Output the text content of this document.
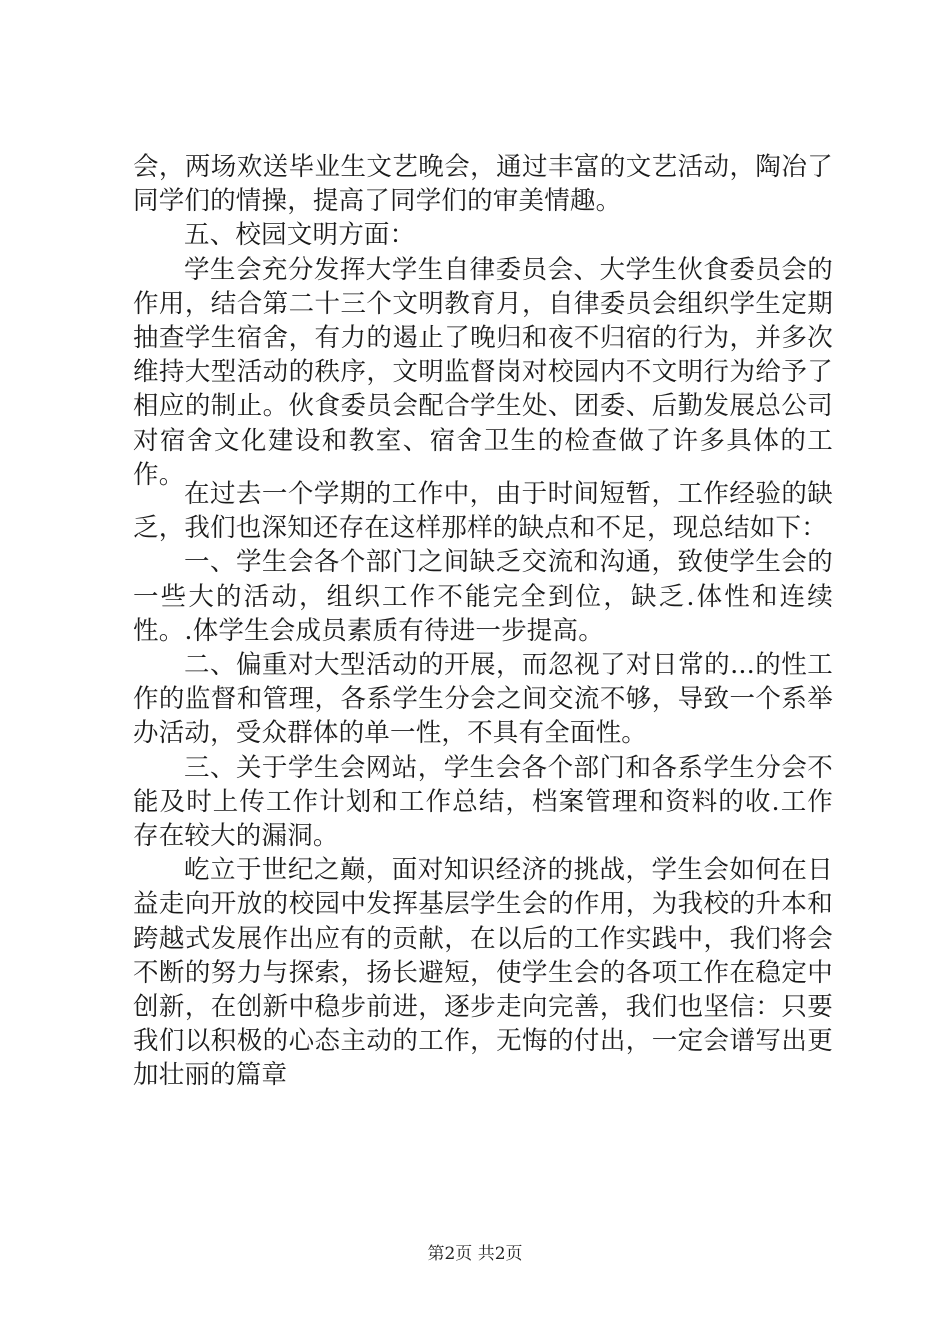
会，两场欢送毕业生文艺晚会，通过丰富的文艺活动，陶冶了同学们的情操，提高了同学们的审美情趣。

五、校园文明方面：

学生会充分发挥大学生自律委员会、大学生伙食委员会的作用，结合第二十三个文明教育月，自律委员会组织学生定期抽查学生宿舍，有力的遏止了晚归和夜不归宿的行为，并多次维持大型活动的秩序，文明监督岗对校园内不文明行为给予了相应的制止。伙食委员会配合学生处、团委、后勤发展总公司对宿舍文化建设和教室、宿舍卫生的检查做了许多具体的工作。

在过去一个学期的工作中，由于时间短暂，工作经验的缺乏，我们也深知还存在这样那样的缺点和不足，现总结如下：

一、学生会各个部门之间缺乏交流和沟通，致使学生会的一些大的活动，组织工作不能完全到位，缺乏.体性和连续性。.体学生会成员素质有待进一步提高。

二、偏重对大型活动的开展，而忽视了对日常的...的性工作的监督和管理，各系学生分会之间交流不够，导致一个系举办活动，受众群体的单一性，不具有全面性。

三、关于学生会网站，学生会各个部门和各系学生分会不能及时上传工作计划和工作总结，档案管理和资料的收.工作存在较大的漏洞。

屹立于世纪之巅，面对知识经济的挑战，学生会如何在日益走向开放的校园中发挥基层学生会的作用，为我校的升本和跨越式发展作出应有的贡献，在以后的工作实践中，我们将会不断的努力与探索，扬长避短，使学生会的各项工作在稳定中创新，在创新中稳步前进，逐步走向完善，我们也坚信：只要我们以积极的心态主动的工作，无悔的付出，一定会谱写出更加壮丽的篇章

第2页 共2页
